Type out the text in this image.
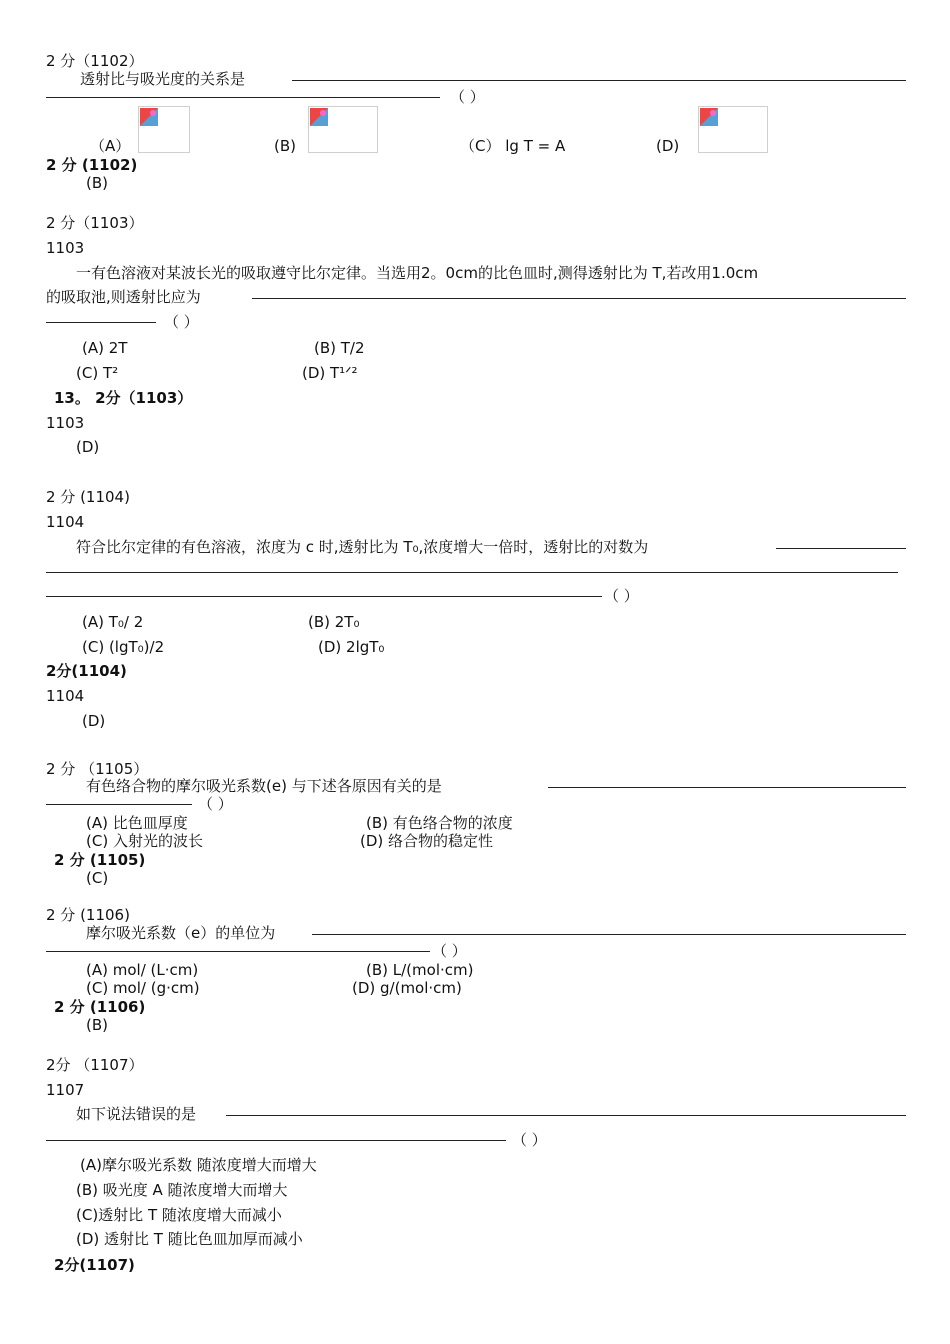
2 分（1102）
透射比与吸光度的关系是
（ ）
（A）	(B)	（C） lg T = A	(D)
2 分 (1102)
(B)
2 分（1103）
1103
一有色溶液对某波长光的吸取遵守比尔定律。当选用2。0cm的比色皿时,测得透射比为 T,若改用1.0cm
的吸取池,则透射比应为
（ ）
(A) 2T	(B) T/2
(C) T²	(D) T¹ᐟ²
13。 2分（1103）
1103
(D)
2 分 (1104)
1104
符合比尔定律的有色溶液，浓度为 c 时,透射比为 T₀,浓度增大一倍时，透射比的对数为
（ ）
(A) T₀/ 2	(B) 2T₀
(C) (lgT₀)/2	(D) 2lgT₀
2分(1104)
1104
(D)
2 分 （1105）
有色络合物的摩尔吸光系数(e) 与下述各原因有关的是
（ ）
(A) 比色皿厚度	(B) 有色络合物的浓度
(C) 入射光的波长	(D) 络合物的稳定性
2 分 (1105)
(C)
2 分 (1106)
摩尔吸光系数（e）的单位为
（ ）
(A) mol/ (L·cm)	(B) L/(mol·cm)
(C) mol/ (g·cm)	(D) g/(mol·cm)
2 分 (1106)
(B)
2分 （1107）
1107
如下说法错误的是
（ ）
(A)摩尔吸光系数 随浓度增大而增大
(B) 吸光度 A 随浓度增大而增大
(C)透射比 T 随浓度增大而减小
(D) 透射比 T 随比色皿加厚而减小
2分(1107)
